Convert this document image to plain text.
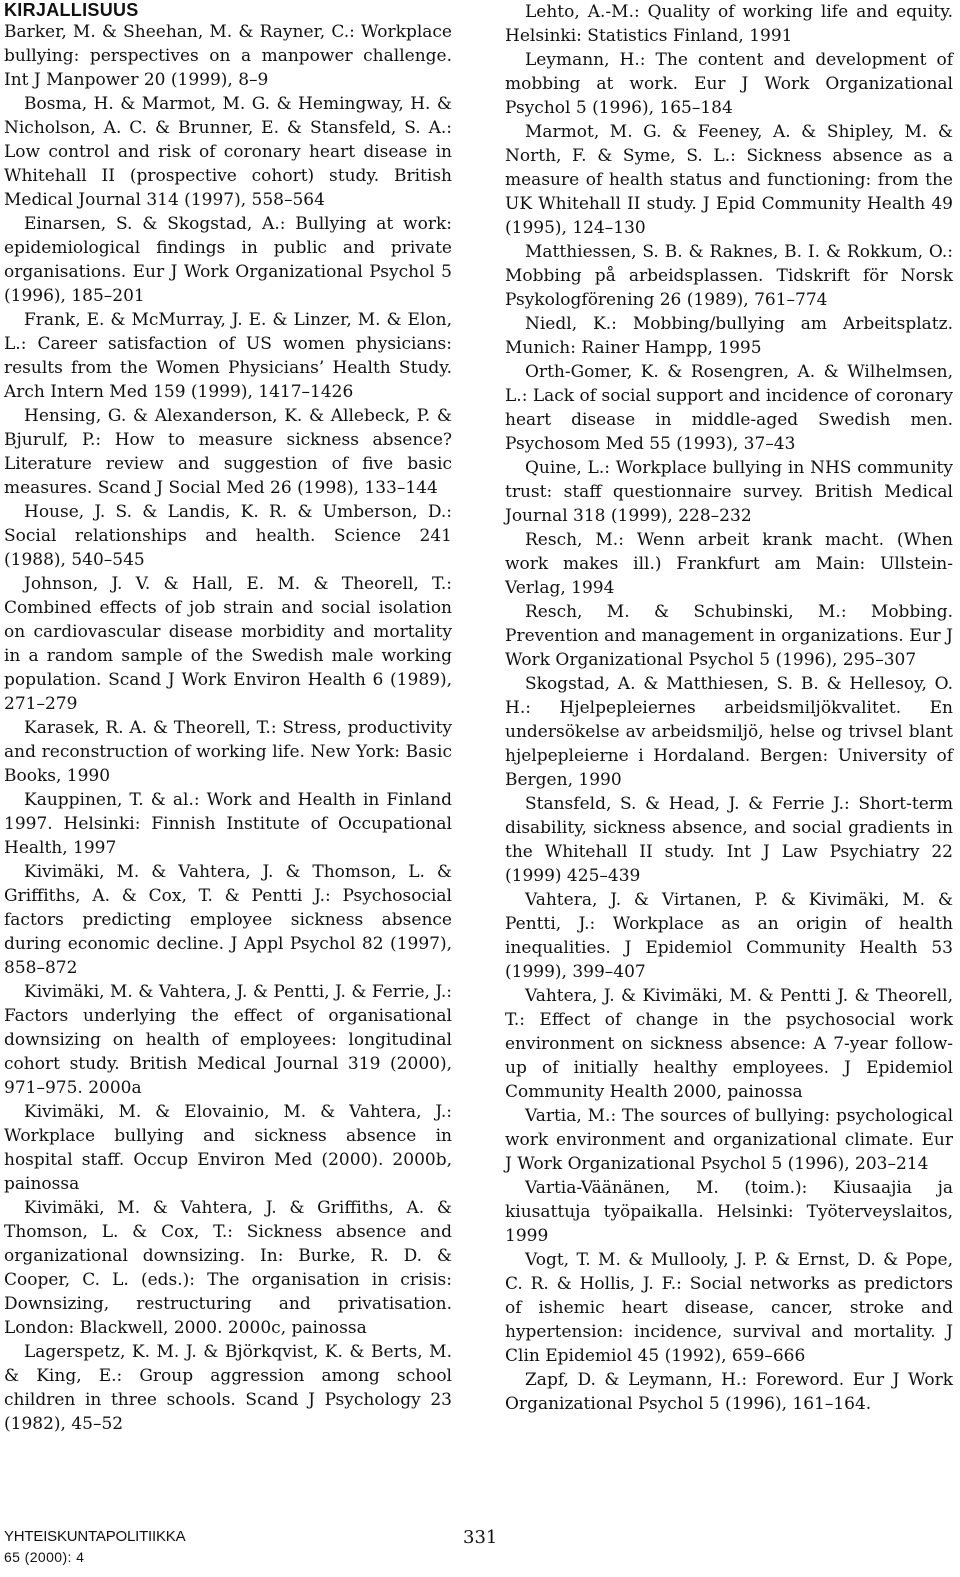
KIRJALLISUUS

Barker, M. & Sheehan, M. & Rayner, C.: Workplace bullying: perspectives on a manpower challenge. Int J Manpower 20 (1999), 8–9

Bosma, H. & Marmot, M. G. & Hemingway, H. & Nicholson, A. C. & Brunner, E. & Stansfeld, S. A.: Low control and risk of coronary heart disease in Whitehall II (prospective cohort) study. British Medical Journal 314 (1997), 558–564

Einarsen, S. & Skogstad, A.: Bullying at work: epidemiological findings in public and private organisations. Eur J Work Organizational Psychol 5 (1996), 185–201

Frank, E. & McMurray, J. E. & Linzer, M. & Elon, L.: Career satisfaction of US women physicians: results from the Women Physicians’ Health Study. Arch Intern Med 159 (1999), 1417–1426

Hensing, G. & Alexanderson, K. & Allebeck, P. & Bjurulf, P.: How to measure sickness absence? Literature review and suggestion of five basic measures. Scand J Social Med 26 (1998), 133–144

House, J. S. & Landis, K. R. & Umberson, D.: Social relationships and health. Science 241 (1988), 540–545

Johnson, J. V. & Hall, E. M. & Theorell, T.: Combined effects of job strain and social isolation on cardiovascular disease morbidity and mortality in a random sample of the Swedish male working population. Scand J Work Environ Health 6 (1989), 271–279

Karasek, R. A. & Theorell, T.: Stress, productivity and reconstruction of working life. New York: Basic Books, 1990

Kauppinen, T. & al.: Work and Health in Finland 1997. Helsinki: Finnish Institute of Occupational Health, 1997

Kivimäki, M. & Vahtera, J. & Thomson, L. & Griffiths, A. & Cox, T. & Pentti J.: Psychosocial factors predicting employee sickness absence during economic decline. J Appl Psychol 82 (1997), 858–872

Kivimäki, M. & Vahtera, J. & Pentti, J. & Ferrie, J.: Factors underlying the effect of organisational downsizing on health of employees: longitudinal cohort study. British Medical Journal 319 (2000), 971–975. 2000a

Kivimäki, M. & Elovainio, M. & Vahtera, J.: Workplace bullying and sickness absence in hospital staff. Occup Environ Med (2000). 2000b, painossa

Kivimäki, M. & Vahtera, J. & Griffiths, A. & Thomson, L. & Cox, T.: Sickness absence and organizational downsizing. In: Burke, R. D. & Cooper, C. L. (eds.): The organisation in crisis: Downsizing, restructuring and privatisation. London: Blackwell, 2000. 2000c, painossa

Lagerspetz, K. M. J. & Björkqvist, K. & Berts, M. & King, E.: Group aggression among school children in three schools. Scand J Psychology 23 (1982), 45–52

Lehto, A.-M.: Quality of working life and equity. Helsinki: Statistics Finland, 1991

Leymann, H.: The content and development of mobbing at work. Eur J Work Organizational Psychol 5 (1996), 165–184

Marmot, M. G. & Feeney, A. & Shipley, M. & North, F. & Syme, S. L.: Sickness absence as a measure of health status and functioning: from the UK Whitehall II study. J Epid Community Health 49 (1995), 124–130

Matthiessen, S. B. & Raknes, B. I. & Rokkum, O.: Mobbing på arbeidsplassen. Tidskrift för Norsk Psykologförening 26 (1989), 761–774

Niedl, K.: Mobbing/bullying am Arbeitsplatz. Munich: Rainer Hampp, 1995

Orth-Gomer, K. & Rosengren, A. & Wilhelmsen, L.: Lack of social support and incidence of coronary heart disease in middle-aged Swedish men. Psychosom Med 55 (1993), 37–43

Quine, L.: Workplace bullying in NHS community trust: staff questionnaire survey. British Medical Journal 318 (1999), 228–232

Resch, M.: Wenn arbeit krank macht. (When work makes ill.) Frankfurt am Main: Ullstein-Verlag, 1994

Resch, M. & Schubinski, M.: Mobbing. Prevention and management in organizations. Eur J Work Organizational Psychol 5 (1996), 295–307

Skogstad, A. & Matthiesen, S. B. & Hellesoy, O. H.: Hjelpepleiernes arbeidsmiljökvalitet. En undersökelse av arbeidsmiljö, helse og trivsel blant hjelpepleierne i Hordaland. Bergen: University of Bergen, 1990

Stansfeld, S. & Head, J. & Ferrie J.: Short-term disability, sickness absence, and social gradients in the Whitehall II study. Int J Law Psychiatry 22 (1999) 425–439

Vahtera, J. & Virtanen, P. & Kivimäki, M. & Pentti, J.: Workplace as an origin of health inequalities. J Epidemiol Community Health 53 (1999), 399–407

Vahtera, J. & Kivimäki, M. & Pentti J. & Theorell, T.: Effect of change in the psychosocial work environment on sickness absence: A 7-year follow-up of initially healthy employees. J Epidemiol Community Health 2000, painossa

Vartia, M.: The sources of bullying: psychological work environment and organizational climate. Eur J Work Organizational Psychol 5 (1996), 203–214

Vartia-Väänänen, M. (toim.): Kiusaajia ja kiusattuja työpaikalla. Helsinki: Työterveyslaitos, 1999

Vogt, T. M. & Mullooly, J. P. & Ernst, D. & Pope, C. R. & Hollis, J. F.: Social networks as predictors of ishemic heart disease, cancer, stroke and hypertension: incidence, survival and mortality. J Clin Epidemiol 45 (1992), 659–666

Zapf, D. & Leymann, H.: Foreword. Eur J Work Organizational Psychol 5 (1996), 161–164.

YHTEISKUNTAPOLITIIKKA
65 (2000): 4
331
